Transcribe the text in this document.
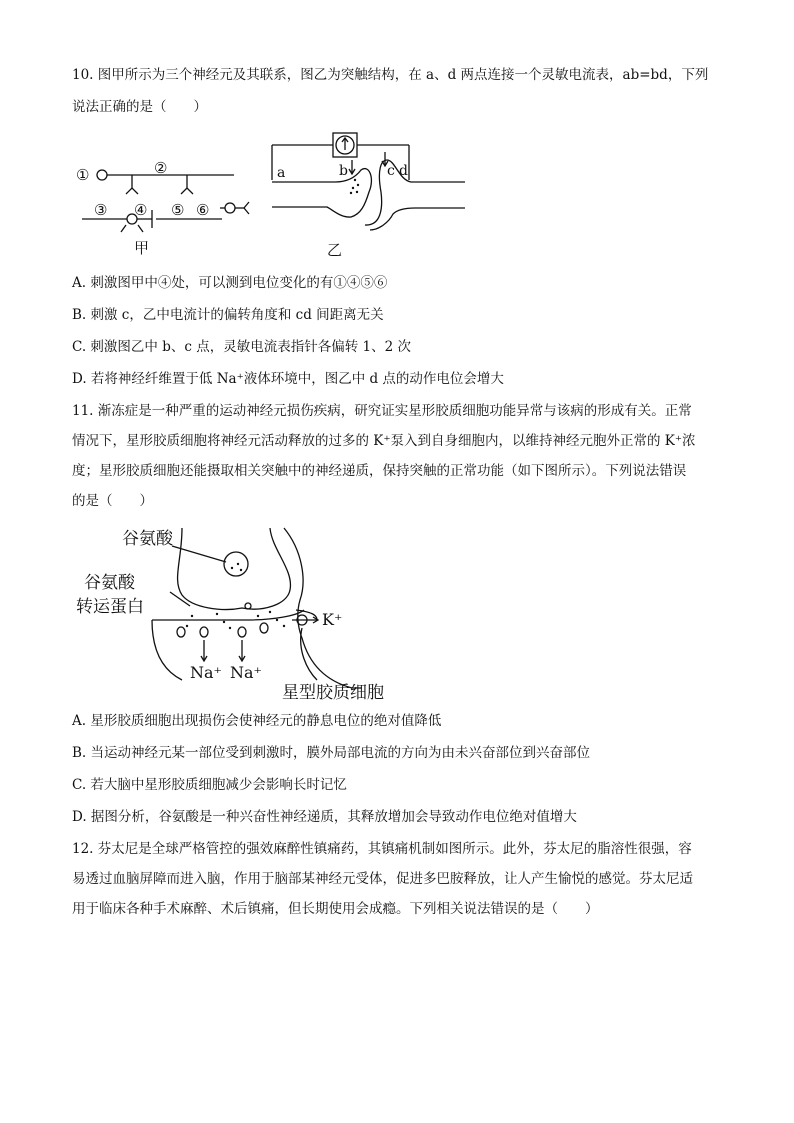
10. 图甲所示为三个神经元及其联系，图乙为突触结构，在 a、d 两点连接一个灵敏电流表，ab=bd，下列
说法正确的是（　　）
①	②
③ ④ ⑤ ⑥
甲
a	b	c d
乙
A. 刺激图甲中④处，可以测到电位变化的有①④⑤⑥
B. 刺激 c，乙中电流计的偏转角度和 cd 间距离无关
C. 刺激图乙中 b、c 点，灵敏电流表指针各偏转 1、2 次
D. 若将神经纤维置于低 Na⁺液体环境中，图乙中 d 点的动作电位会增大
11. 渐冻症是一种严重的运动神经元损伤疾病，研究证实星形胶质细胞功能异常与该病的形成有关。正常
情况下，星形胶质细胞将神经元活动释放的过多的 K⁺泵入到自身细胞内，以维持神经元胞外正常的 K⁺浓
度；星形胶质细胞还能摄取相关突触中的神经递质，保持突触的正常功能（如下图所示）。下列说法错误
的是（　　）
谷氨酸
谷氨酸
转运蛋白
K⁺
Na⁺ Na⁺
星型胶质细胞
A. 星形胶质细胞出现损伤会使神经元的静息电位的绝对值降低
B. 当运动神经元某一部位受到刺激时，膜外局部电流的方向为由未兴奋部位到兴奋部位
C. 若大脑中星形胶质细胞减少会影响长时记忆
D. 据图分析，谷氨酸是一种兴奋性神经递质，其释放增加会导致动作电位绝对值增大
12. 芬太尼是全球严格管控的强效麻醉性镇痛药，其镇痛机制如图所示。此外，芬太尼的脂溶性很强，容
易透过血脑屏障而进入脑，作用于脑部某神经元受体，促进多巴胺释放，让人产生愉悦的感觉。芬太尼适
用于临床各种手术麻醉、术后镇痛，但长期使用会成瘾。下列相关说法错误的是（　　）
